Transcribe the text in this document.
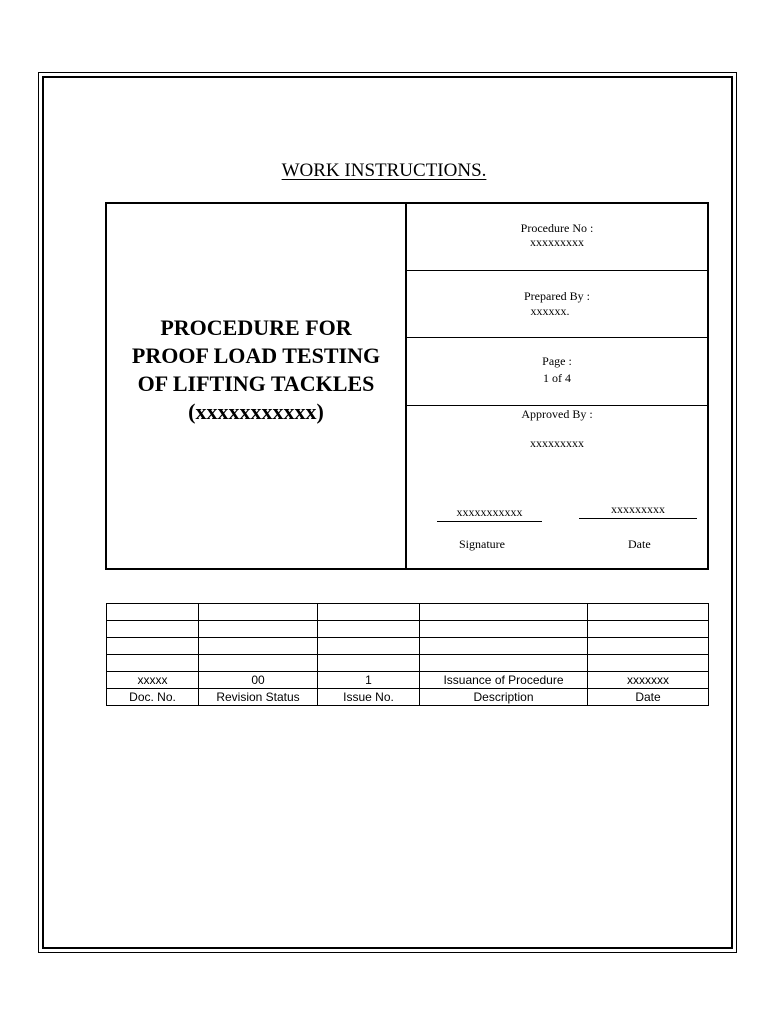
WORK INSTRUCTIONS.
PROCEDURE FOR
PROOF LOAD TESTING
OF LIFTING TACKLES
(xxxxxxxxxxx)
Procedure No :
xxxxxxxxx
Prepared By :
xxxxxx.
Page :
1 of 4
Approved By :
xxxxxxxxx
xxxxxxxxxxx	xxxxxxxxx
Signature	Date

xxxxx	00	1	Issuance of Procedure	xxxxxxx
Doc. No.	Revision Status	Issue No.	Description	Date
